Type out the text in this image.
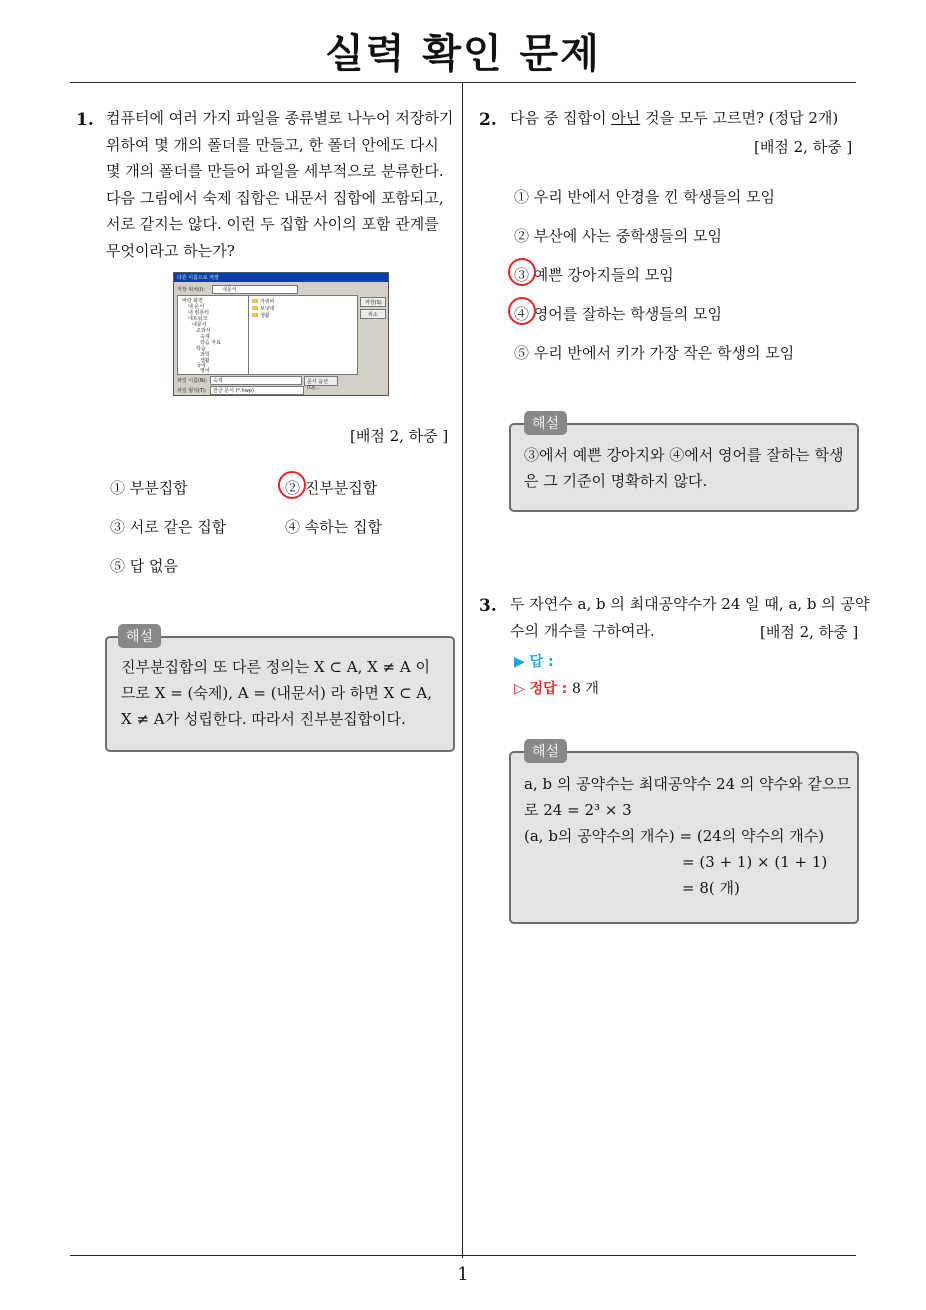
실력 확인 문제
1
1. 컴퓨터에 여러 가지 파일을 종류별로 나누어 저장하기
위하여 몇 개의 폴더를 만들고, 한 폴더 안에도 다시
몇 개의 폴더를 만들어 파일을 세부적으로 분류한다.
다음 그림에서 숙제 집합은 내문서 집합에 포함되고,
서로 같지는 않다. 이런 두 집합 사이의 포함 관계를
무엇이라고 하는가?
다른 이름으로 저장
저장 위치(I):	내문서
바탕 화면
내 문서
내 컴퓨터
네트워크
내문서
교과서
숙제
학습 자료
학습
과학
생활
국어
영어
가위바
보넷대
생활
저장(S)
취소
파일 이름(N): 숙제	문서 옵션(O)...
파일 형식(T): 한글 문서 (*.hwp)
[배점 2, 하중 ]
① 부분집합	② 진부분집합
③ 서로 같은 집합	④ 속하는 집합
⑤ 답 없음
진부분집합의 또 다른 정의는 X ⊂ A, X ≠ A 이
므로 X = (숙제), A = (내문서) 라 하면 X ⊂ A,
X ≠ A가 성립한다. 따라서 진부분집합이다.
해설
2. 다음 중 집합이 아닌 것을 모두 고르면? (정답 2개)
[배점 2, 하중 ]
① 우리 반에서 안경을 낀 학생들의 모임
② 부산에 사는 중학생들의 모임
③ 예쁜 강아지들의 모임
④ 영어를 잘하는 학생들의 모임
⑤ 우리 반에서 키가 가장 작은 학생의 모임
③에서 예쁜 강아지와 ④에서 영어를 잘하는 학생
은 그 기준이 명확하지 않다.
해설
3. 두 자연수 a, b 의 최대공약수가 24 일 때, a, b 의 공약
수의 개수를 구하여라.	[배점 2, 하중 ]
▶ 답 :
▷ 정답 : 8 개
a, b 의 공약수는 최대공약수 24 의 약수와 같으므
로 24 = 2³ × 3
(a, b의 공약수의 개수) = (24의 약수의 개수)
= (3 + 1) × (1 + 1)
= 8( 개)
해설
